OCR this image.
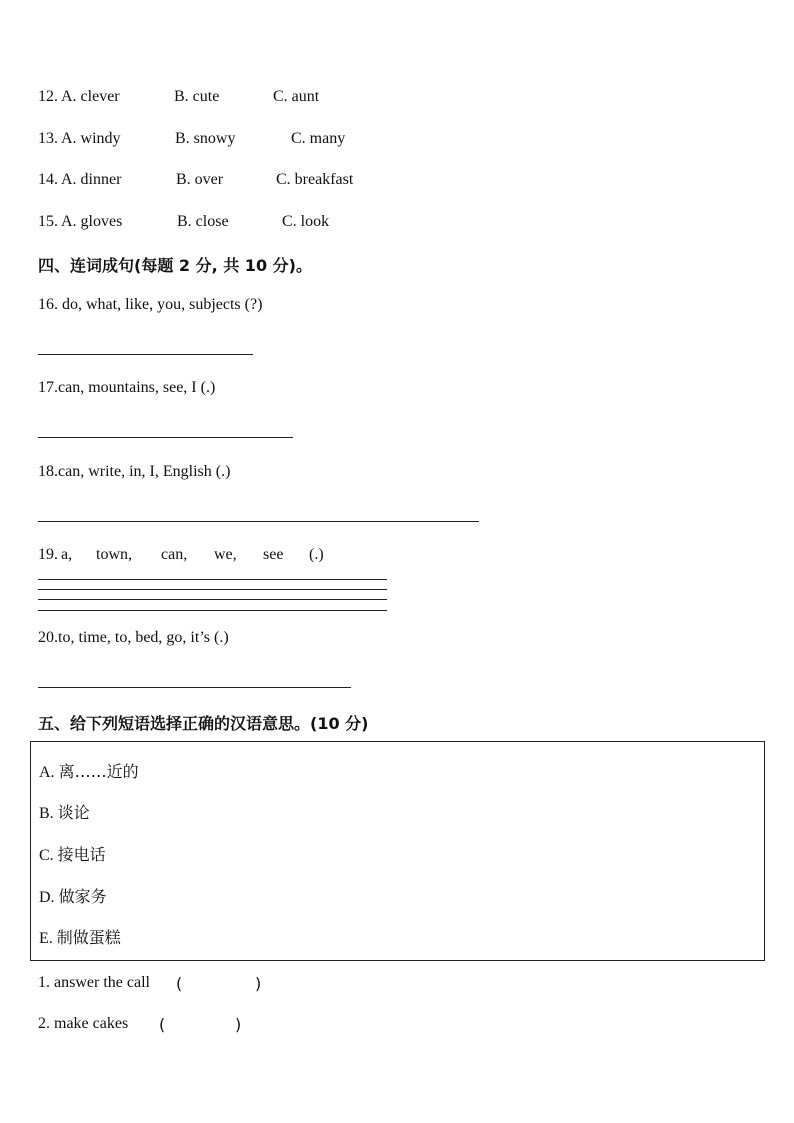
12. A. clever	B. cute	C. aunt
13. A. windy	B. snowy	C. many
14. A. dinner	B. over	C. breakfast
15. A. gloves	B. close	C. look
四、连词成句(每题 2 分, 共 10 分)。
16. do, what, like, you, subjects (?)
17.can, mountains, see, I (.)
18.can, write, in, I, English (.)
19. a, town, can, we, see (.)
20.to, time, to, bed, go, it’s (.)
五、给下列短语选择正确的汉语意思。(10 分)
A. 离……近的
B. 谈论
C. 接电话
D. 做家务
E. 制做蛋糕
1. answer the call (	)
2. make cakes (	)
